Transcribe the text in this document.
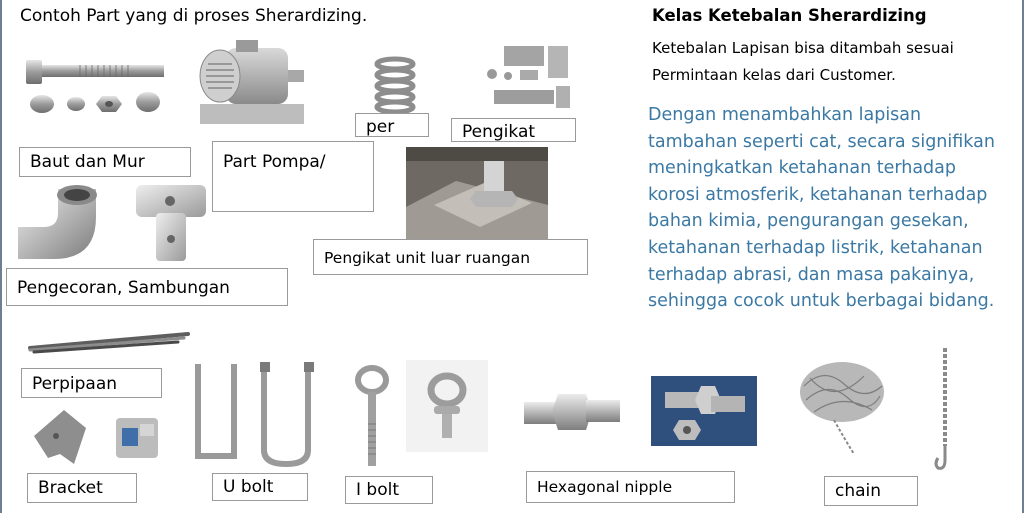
Contoh Part yang di proses Sherardizing.	Kelas Ketebalan Sherardizing
Ketebalan Lapisan bisa ditambah sesuai
Permintaan kelas dari Customer.
Dengan menambahkan lapisan
tambahan seperti cat, secara signifikan
meningkatkan ketahanan terhadap
korosi atmosferik, ketahanan terhadap
bahan kimia, pengurangan gesekan,
ketahanan terhadap listrik, ketahanan
terhadap abrasi, dan masa pakainya,
sehingga cocok untuk berbagai bidang.
per	Pengikat
Baut dan Mur	Part Pompa/
Pengikat unit luar ruangan
Pengecoran, Sambungan
Perpipaan
Bracket	U bolt	I bolt	Hexagonal nipple	chain
